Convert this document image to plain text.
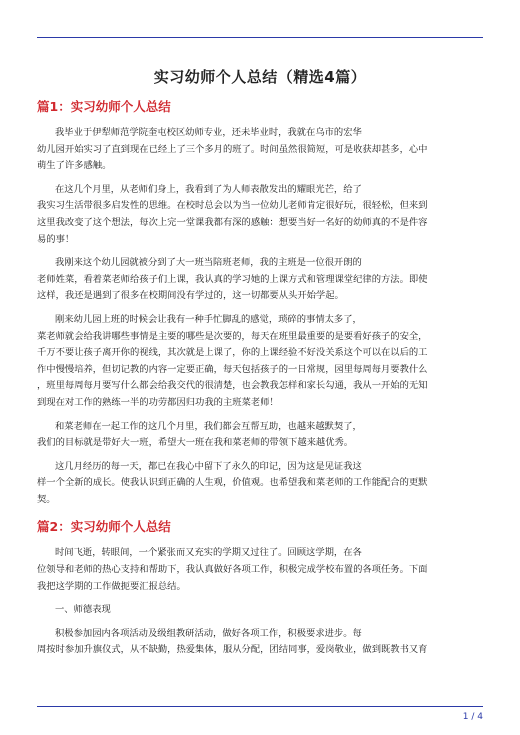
实习幼师个人总结（精选4篇）
篇1：实习幼师个人总结

我毕业于伊犁师范学院奎屯校区幼师专业，还未毕业时，我就在乌市的宏华
幼儿园开始实习了直到现在已经上了三个多月的班了。时间虽然很简短，可是收获却甚多，心中
萌生了许多感触。

在这几个月里，从老师们身上，我看到了为人师表散发出的耀眼光芒，给了
我实习生活带很多启发性的思维。在校时总会以为当一位幼儿老师肯定很好玩，很轻松，但来到
这里我改变了这个想法，每次上完一堂课我都有深的感触：想要当好一名好的幼师真的不是件容
易的事！

我刚来这个幼儿园就被分到了大一班当陪班老师，我的主班是一位很开朗的
老师姓菜，看着菜老师给孩子们上课，我认真的学习她的上课方式和管理课堂纪律的方法。即使
这样，我还是遇到了很多在校期间没有学过的，这一切都要从头开始学起。

刚来幼儿园上班的时候会让我有一种手忙脚乱的感觉，琐碎的事情太多了，
菜老师就会给我讲哪些事情是主要的哪些是次要的，每天在班里最重要的是要看好孩子的安全，
千万不要让孩子离开你的视线，其次就是上课了，你的上课经验不好没关系这个可以在以后的工
作中慢慢培养，但切记教的内容一定要正确，每天包括孩子的一日常规，园里每周每月要教什么
，班里每周每月要写什么都会给我交代的很清楚，也会教我怎样和家长勾通，我从一开始的无知
到现在对工作的熟练一半的功劳都因归功我的主班菜老师！

和菜老师在一起工作的这几个月里，我们都会互帮互助，也越来越默契了，
我们的目标就是带好大一班，希望大一班在我和菜老师的带领下越来越优秀。

这几月经历的每一天，都已在我心中留下了永久的印记，因为这是见证我这
样一个全新的成长。使我认识到正确的人生观，价值观。也希望我和菜老师的工作能配合的更默
契。

篇2：实习幼师个人总结

时间飞逝，转眼间，一个紧张而又充实的学期又过往了。回顾这学期，在各
位领导和老师的热心支持和帮助下，我认真做好各项工作，积极完成学校布置的各项任务。下面
我把这学期的工作做扼要汇报总结。

一、师德表现

积极参加园内各项活动及级组教研活动，做好各项工作，积极要求进步。每
周按时参加升旗仪式，从不缺勤，热爱集体，服从分配，团结同事，爱岗敬业，做到既教书又育

1 / 4
